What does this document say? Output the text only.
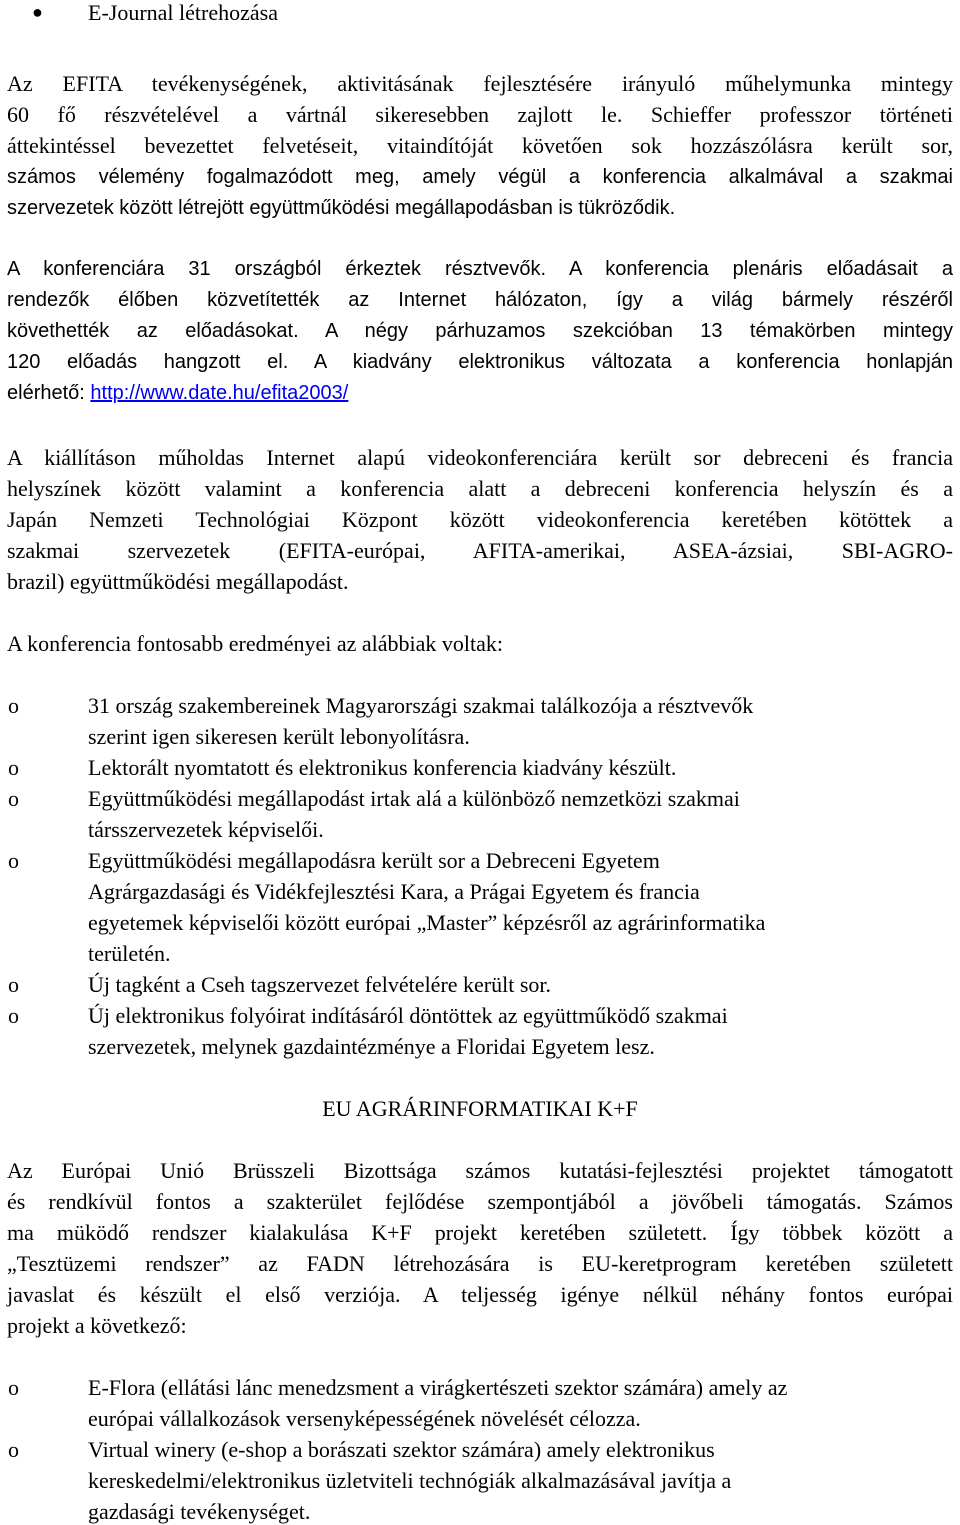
● E-Journal létrehozása
Az EFITA tevékenységének, aktivitásának fejlesztésére irányuló műhelymunka mintegy
60 fő részvételével a vártnál sikeresebben zajlott le. Schieffer professzor történeti
áttekintéssel bevezettet felvetéseit, vitaindítóját követően sok hozzászólásra került sor,
számos vélemény fogalmazódott meg, amely végül a konferencia alkalmával a szakmai
szervezetek között létrejött együttműködési megállapodásban is tükröződik.
A konferenciára 31 országból érkeztek résztvevők. A konferencia plenáris előadásait a
rendezők élőben közvetítették az Internet hálózaton, így a világ bármely részéről
követhették az előadásokat. A négy párhuzamos szekcióban 13 témakörben mintegy
120 előadás hangzott el. A kiadvány elektronikus változata a konferencia honlapján
elérhető: http://www.date.hu/efita2003/
A kiállításon műholdas Internet alapú videokonferenciára került sor debreceni és francia
helyszínek között valamint a konferencia alatt a debreceni konferencia helyszín és a
Japán Nemzeti Technológiai Központ között videokonferencia keretében kötöttek a
szakmai szervezetek (EFITA-európai, AFITA-amerikai, ASEA-ázsiai, SBI-AGRO-
brazil) együttműködési megállapodást.
A konferencia fontosabb eredményei az alábbiak voltak:
o	31 ország szakembereinek Magyarországi szakmai találkozója a résztvevők
szerint igen sikeresen került lebonyolításra.
o	Lektorált nyomtatott és elektronikus konferencia kiadvány készült.
o	Együttműködési megállapodást irtak alá a különböző nemzetközi szakmai
társszervezetek képviselői.
o	Együttműködési megállapodásra került sor a Debreceni Egyetem
Agrárgazdasági és Vidékfejlesztési Kara, a Prágai Egyetem és francia
egyetemek képviselői között európai „Master” képzésről az agrárinformatika
területén.
o	Új tagként a Cseh tagszervezet felvételére került sor.
o	Új elektronikus folyóirat indításáról döntöttek az együttműködő szakmai
szervezetek, melynek gazdaintézménye a Floridai Egyetem lesz.
EU AGRÁRINFORMATIKAI K+F
Az Európai Unió Brüsszeli Bizottsága számos kutatási-fejlesztési projektet támogatott
és rendkívül fontos a szakterület fejlődése szempontjából a jövőbeli támogatás. Számos
ma müködő rendszer kialakulása K+F projekt keretében született. Így többek között a
„Tesztüzemi rendszer” az FADN létrehozására is EU-keretprogram keretében született
javaslat és készült el első verziója. A teljesség igénye nélkül néhány fontos európai
projekt a következő:
o	E-Flora (ellátási lánc menedzsment a virágkertészeti szektor számára) amely az
európai vállalkozások versenyképességének növelését célozza.
o	Virtual winery (e-shop a borászati szektor számára) amely elektronikus
kereskedelmi/elektronikus üzletviteli technógiák alkalmazásával javítja a
gazdasági tevékenységet.
